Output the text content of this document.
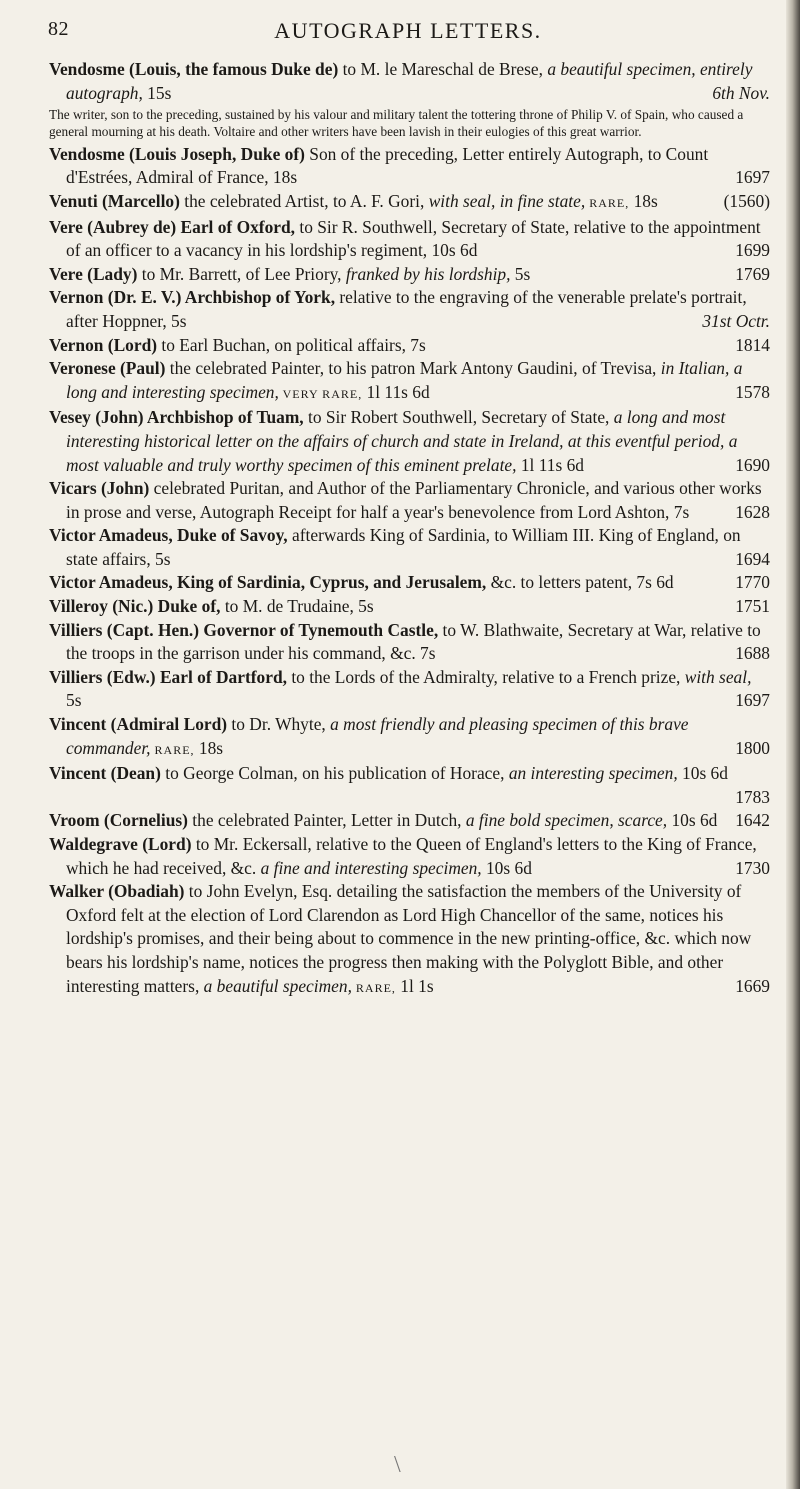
82	AUTOGRAPH LETTERS.
Vendosme (Louis, the famous Duke de) to M. le Mareschal de Brese, a beautiful specimen, entirely autograph, 15s	6th Nov.
The writer, son to the preceding, sustained by his valour and military talent the tottering throne of Philip V. of Spain, who caused a general mourning at his death. Voltaire and other writers have been lavish in their eulogies of this great warrior.
Vendosme (Louis Joseph, Duke of) Son of the preceding, Letter entirely Autograph, to Count d'Estrées, Admiral of France, 18s	1697
Venuti (Marcello) the celebrated Artist, to A. F. Gori, with seal, in fine state, RARE, 18s	(1560)
Vere (Aubrey de) Earl of Oxford, to Sir R. Southwell, Secretary of State, relative to the appointment of an officer to a vacancy in his lordship's regiment, 10s 6d	1699
Vere (Lady) to Mr. Barrett, of Lee Priory, franked by his lordship, 5s	1769
Vernon (Dr. E. V.) Archbishop of York, relative to the engraving of the venerable prelate's portrait, after Hoppner, 5s	31st Octr.
Vernon (Lord) to Earl Buchan, on political affairs, 7s	1814
Veronese (Paul) the celebrated Painter, to his patron Mark Antony Gaudini, of Trevisa, in Italian, a long and interesting specimen, VERY RARE, 1l 11s 6d	1578
Vesey (John) Archbishop of Tuam, to Sir Robert Southwell, Secretary of State, a long and most interesting historical letter on the affairs of church and state in Ireland, at this eventful period, a most valuable and truly worthy specimen of this eminent prelate, 1l 11s 6d	1690
Vicars (John) celebrated Puritan, and Author of the Parliamentary Chronicle, and various other works in prose and verse, Autograph Receipt for half a year's benevolence from Lord Ashton, 7s	1628
Victor Amadeus, Duke of Savoy, afterwards King of Sardinia, to William III. King of England, on state affairs, 5s	1694
Victor Amadeus, King of Sardinia, Cyprus, and Jerusalem, &c. to letters patent, 7s 6d	1770
Villeroy (Nic.) Duke of, to M. de Trudaine, 5s	1751
Villiers (Capt. Hen.) Governor of Tynemouth Castle, to W. Blathwaite, Secretary at War, relative to the troops in the garrison under his command, &c. 7s	1688
Villiers (Edw.) Earl of Dartford, to the Lords of the Admiralty, relative to a French prize, with seal, 5s	1697
Vincent (Admiral Lord) to Dr. Whyte, a most friendly and pleasing specimen of this brave commander, RARE, 18s	1800
Vincent (Dean) to George Colman, on his publication of Horace, an interesting specimen, 10s 6d
1783
Vroom (Cornelius) the celebrated Painter, Letter in Dutch, a fine bold specimen, scarce, 10s 6d	1642
Waldegrave (Lord) to Mr. Eckersall, relative to the Queen of England's letters to the King of France, which he had received, &c. a fine and interesting specimen, 10s 6d	1730
Walker (Obadiah) to John Evelyn, Esq. detailing the satisfaction the members of the University of Oxford felt at the election of Lord Clarendon as Lord High Chancellor of the same, notices his lordship's promises, and their being about to commence in the new printing-office, &c. which now bears his lordship's name, notices the progress then making with the Polyglott Bible, and other interesting matters, a beautiful specimen, RARE, 1l 1s	1669
\
